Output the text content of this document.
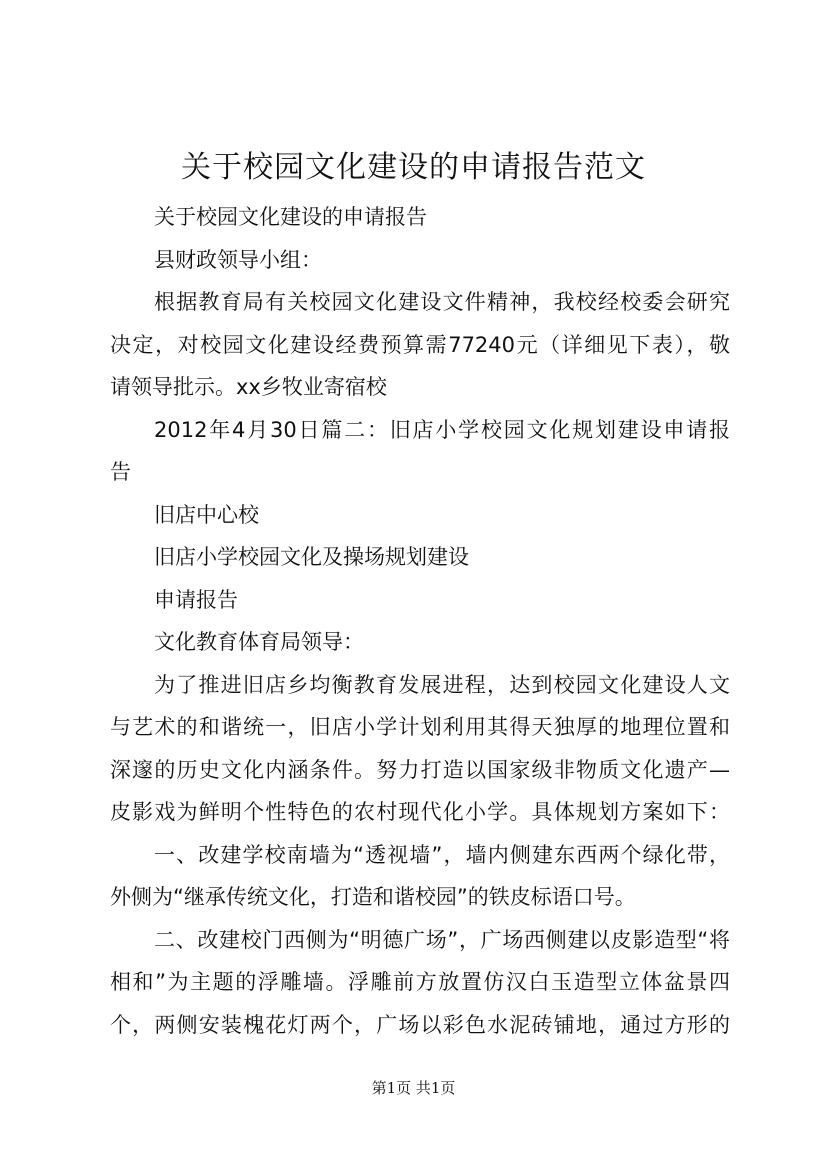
关于校园文化建设的申请报告范文
关于校园文化建设的申请报告
县财政领导小组：
根据教育局有关校园文化建设文件精神，我校经校委会研究
决定，对校园文化建设经费预算需77240元（详细见下表），敬
请领导批示。xx乡牧业寄宿校
2012年4月30日篇二：旧店小学校园文化规划建设申请报
告
旧店中心校
旧店小学校园文化及操场规划建设
申请报告
文化教育体育局领导：
为了推进旧店乡均衡教育发展进程，达到校园文化建设人文
与艺术的和谐统一，旧店小学计划利用其得天独厚的地理位置和
深邃的历史文化内涵条件。努力打造以国家级非物质文化遗产—
皮影戏为鲜明个性特色的农村现代化小学。具体规划方案如下：
一、改建学校南墙为“透视墙”，墙内侧建东西两个绿化带，
外侧为“继承传统文化，打造和谐校园”的铁皮标语口号。
二、改建校门西侧为“明德广场”，广场西侧建以皮影造型“将
相和”为主题的浮雕墙。浮雕前方放置仿汉白玉造型立体盆景四
个，两侧安装槐花灯两个，广场以彩色水泥砖铺地，通过方形的
第1页 共1页
